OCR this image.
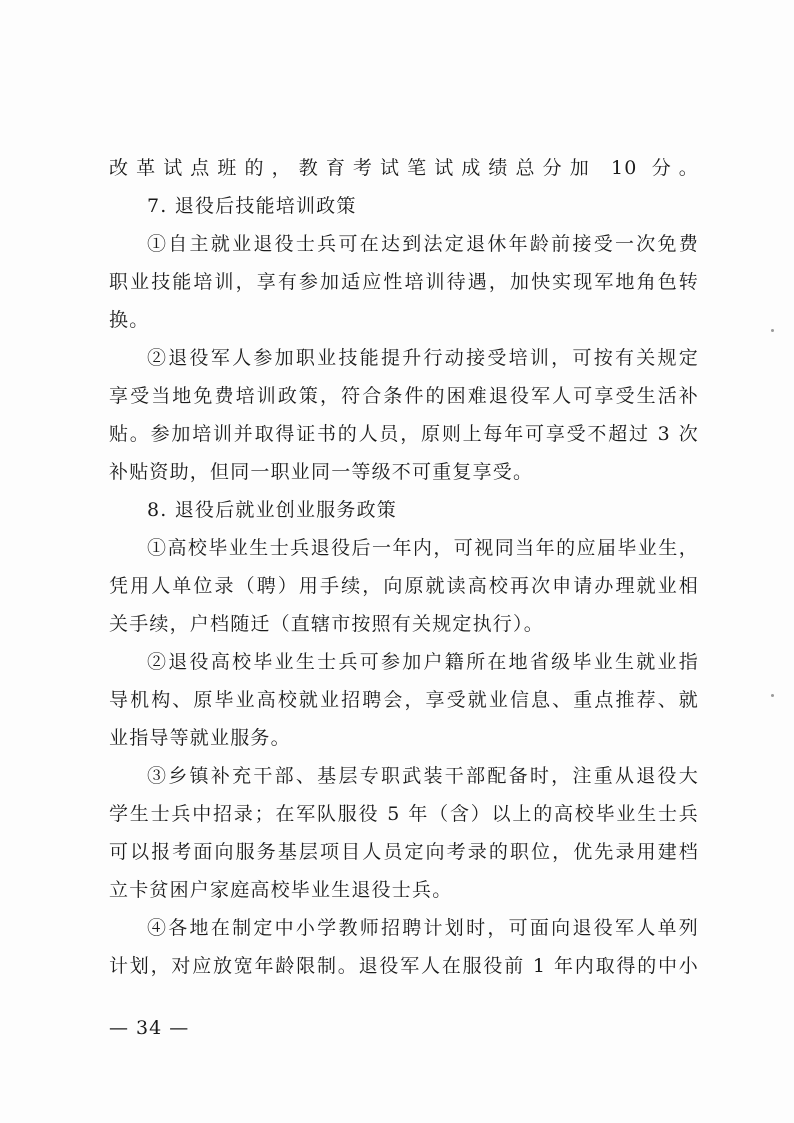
改革试点班的，教育考试笔试成绩总分加 10 分。
7. 退役后技能培训政策
①自主就业退役士兵可在达到法定退休年龄前接受一次免费
职业技能培训，享有参加适应性培训待遇，加快实现军地角色转
换。
②退役军人参加职业技能提升行动接受培训，可按有关规定
享受当地免费培训政策，符合条件的困难退役军人可享受生活补
贴。参加培训并取得证书的人员，原则上每年可享受不超过 3 次
补贴资助，但同一职业同一等级不可重复享受。
8. 退役后就业创业服务政策
①高校毕业生士兵退役后一年内，可视同当年的应届毕业生，
凭用人单位录（聘）用手续，向原就读高校再次申请办理就业相
关手续，户档随迁（直辖市按照有关规定执行）。
②退役高校毕业生士兵可参加户籍所在地省级毕业生就业指
导机构、原毕业高校就业招聘会，享受就业信息、重点推荐、就
业指导等就业服务。
③乡镇补充干部、基层专职武装干部配备时，注重从退役大
学生士兵中招录；在军队服役 5 年（含）以上的高校毕业生士兵
可以报考面向服务基层项目人员定向考录的职位，优先录用建档
立卡贫困户家庭高校毕业生退役士兵。
④各地在制定中小学教师招聘计划时，可面向退役军人单列
计划，对应放宽年龄限制。退役军人在服役前 1 年内取得的中小
— 34 —
